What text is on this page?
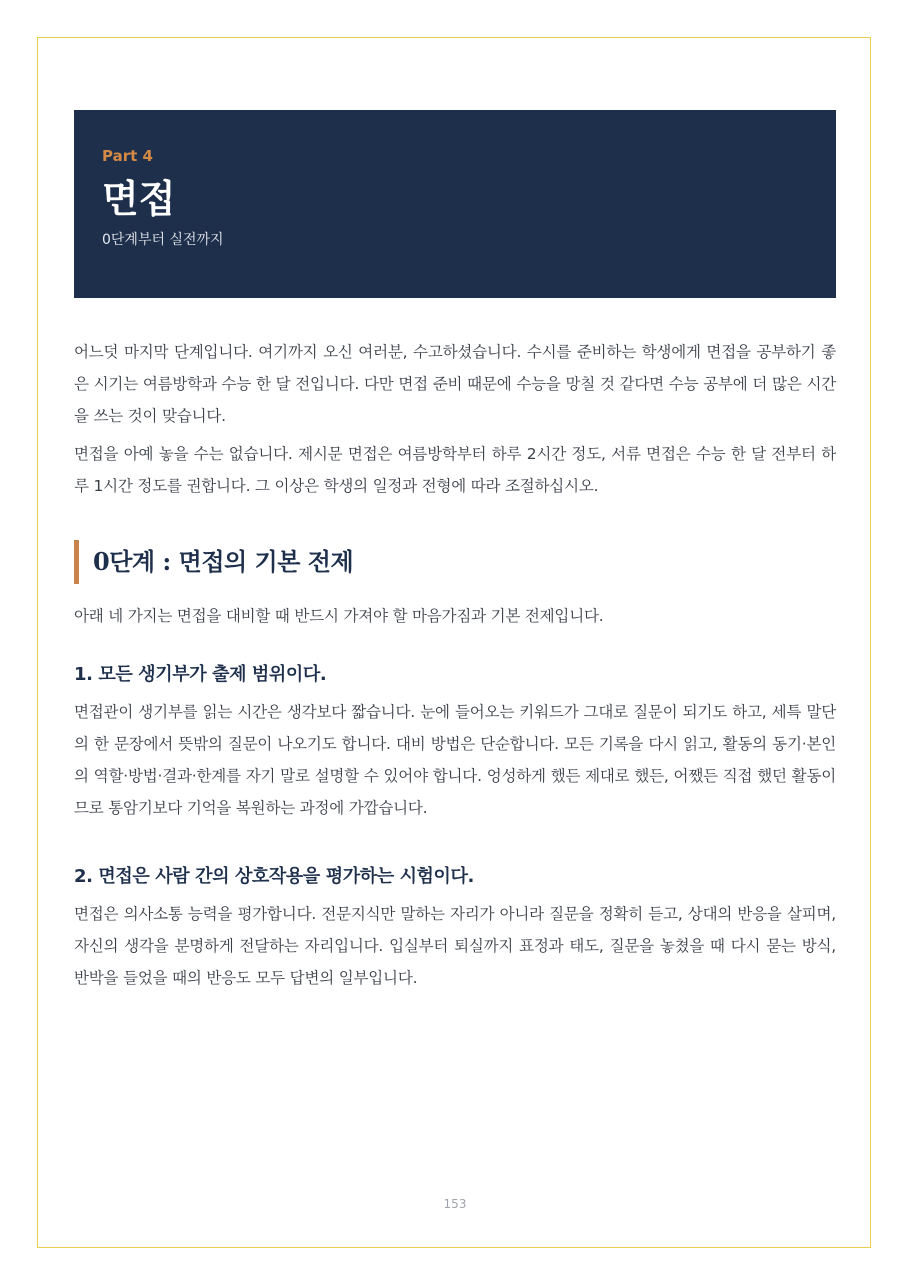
Part 4

면접

0단계부터 실전까지

어느덧 마지막 단계입니다. 여기까지 오신 여러분, 수고하셨습니다. 수시를 준비하는 학생에게 면접을 공부하기 좋은 시기는 여름방학과 수능 한 달 전입니다. 다만 면접 준비 때문에 수능을 망칠 것 같다면 수능 공부에 더 많은 시간을 쓰는 것이 맞습니다.

면접을 아예 놓을 수는 없습니다. 제시문 면접은 여름방학부터 하루 2시간 정도, 서류 면접은 수능 한 달 전부터 하루 1시간 정도를 권합니다. 그 이상은 학생의 일정과 전형에 따라 조절하십시오.

0단계 : 면접의 기본 전제

아래 네 가지는 면접을 대비할 때 반드시 가져야 할 마음가짐과 기본 전제입니다.

1. 모든 생기부가 출제 범위이다.

면접관이 생기부를 읽는 시간은 생각보다 짧습니다. 눈에 들어오는 키워드가 그대로 질문이 되기도 하고, 세특 말단의 한 문장에서 뜻밖의 질문이 나오기도 합니다. 대비 방법은 단순합니다. 모든 기록을 다시 읽고, 활동의 동기·본인의 역할·방법·결과·한계를 자기 말로 설명할 수 있어야 합니다. 엉성하게 했든 제대로 했든, 어쨌든 직접 했던 활동이므로 통암기보다 기억을 복원하는 과정에 가깝습니다.

2. 면접은 사람 간의 상호작용을 평가하는 시험이다.

면접은 의사소통 능력을 평가합니다. 전문지식만 말하는 자리가 아니라 질문을 정확히 듣고, 상대의 반응을 살피며, 자신의 생각을 분명하게 전달하는 자리입니다. 입실부터 퇴실까지 표정과 태도, 질문을 놓쳤을 때 다시 묻는 방식, 반박을 들었을 때의 반응도 모두 답변의 일부입니다.

153
